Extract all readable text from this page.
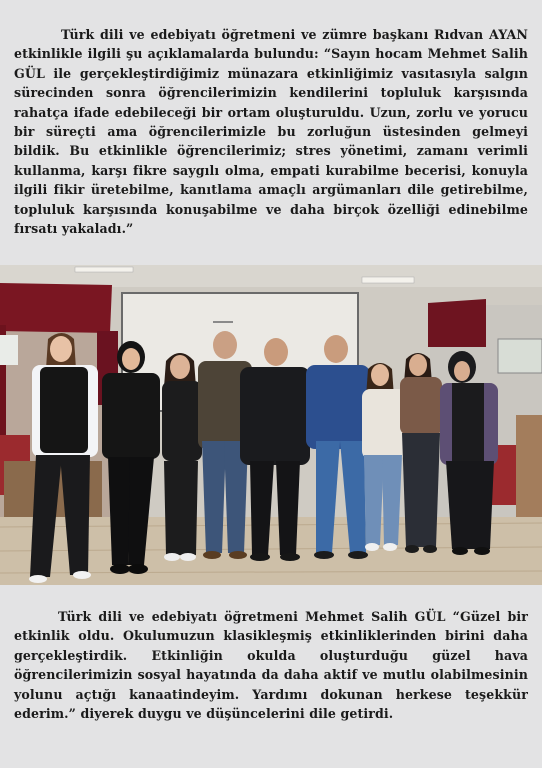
Türk dili ve edebiyatı öğretmeni ve zümre başkanı Rıdvan AYAN etkinlikle ilgili şu açıklamalarda bulundu: “Sayın hocam Mehmet Salih GÜL ile gerçekleştirdiğimiz münazara etkinliğimiz vasıtasıyla salgın sürecinden sonra öğrencilerimizin kendilerini topluluk karşısında rahatça ifade edebileceği bir ortam oluşturuldu. Uzun, zorlu ve yorucu bir süreçti ama öğrencilerimizle bu zorluğun üstesinden gelmeyi bildik. Bu etkinlikle öğrencilerimiz; stres yönetimi, zamanı verimli kullanma, karşı fikre saygılı olma, empati kurabilme becerisi, konuyla ilgili fikir üretebilme, kanıtlama amaçlı argümanları dile getirebilme, topluluk karşısında konuşabilme ve daha birçok özelliği edinebilme fırsatı yakaladı.”

Türk dili ve edebiyatı öğretmeni Mehmet Salih GÜL “Güzel bir etkinlik oldu. Okulumuzun klasikleşmiş etkinliklerinden birini daha gerçekleştirdik. Etkinliğin okulda oluşturduğu güzel hava öğrencilerimizin sosyal hayatında da daha aktif ve mutlu olabilmesinin yolunu açtığı kanaatindeyim. Yardımı dokunan herkese teşekkür ederim.” diyerek duygu ve düşüncelerini dile getirdi.
